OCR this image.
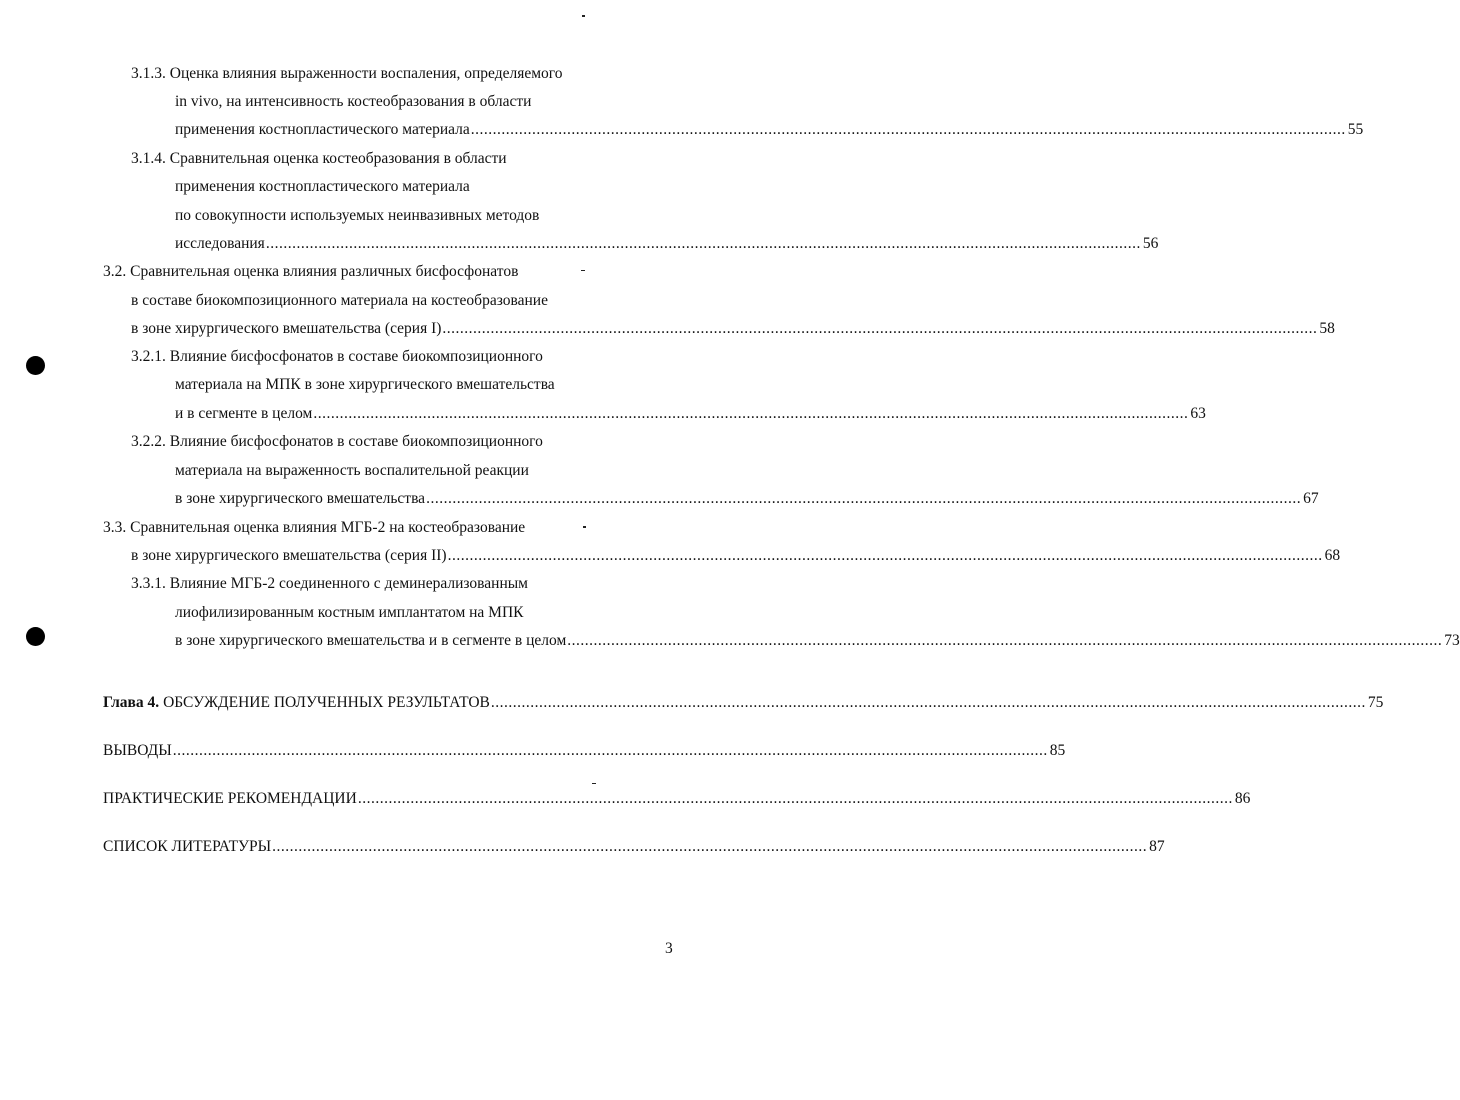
3.1.3. Оценка влияния выраженности воспаления, определяемого
in vivo, на интенсивность костеобразования в области
применения костнопластического материала ........................................................................................................................................................................................................ 55
3.1.4. Сравнительная оценка костеобразования в области
применения костнопластического материала
по совокупности используемых неинвазивных методов
исследования ........................................................................................................................................................................................................ 56
3.2. Сравнительная оценка влияния различных бисфосфонатов
в составе биокомпозиционного материала на костеобразование
в зоне хирургического вмешательства (серия I) ........................................................................................................................................................................................................ 58
3.2.1. Влияние бисфосфонатов в составе биокомпозиционного
материала на МПК в зоне хирургического вмешательства
и в сегменте в целом ........................................................................................................................................................................................................ 63
3.2.2. Влияние бисфосфонатов в составе биокомпозиционного
материала на выраженность воспалительной реакции
в зоне хирургического вмешательства ........................................................................................................................................................................................................ 67
3.3. Сравнительная оценка влияния МГБ-2 на костеобразование
в зоне хирургического вмешательства (серия II) ........................................................................................................................................................................................................ 68
3.3.1. Влияние МГБ-2 соединенного с деминерализованным
лиофилизированным костным имплантатом на МПК
в зоне хирургического вмешательства и в сегменте в целом ........................................................................................................................................................................................................ 73
Глава 4. ОБСУЖДЕНИЕ ПОЛУЧЕННЫХ РЕЗУЛЬТАТОВ ........................................................................................................................................................................................................ 75
ВЫВОДЫ ........................................................................................................................................................................................................ 85
ПРАКТИЧЕСКИЕ РЕКОМЕНДАЦИИ ........................................................................................................................................................................................................ 86
СПИСОК ЛИТЕРАТУРЫ ........................................................................................................................................................................................................ 87
3
